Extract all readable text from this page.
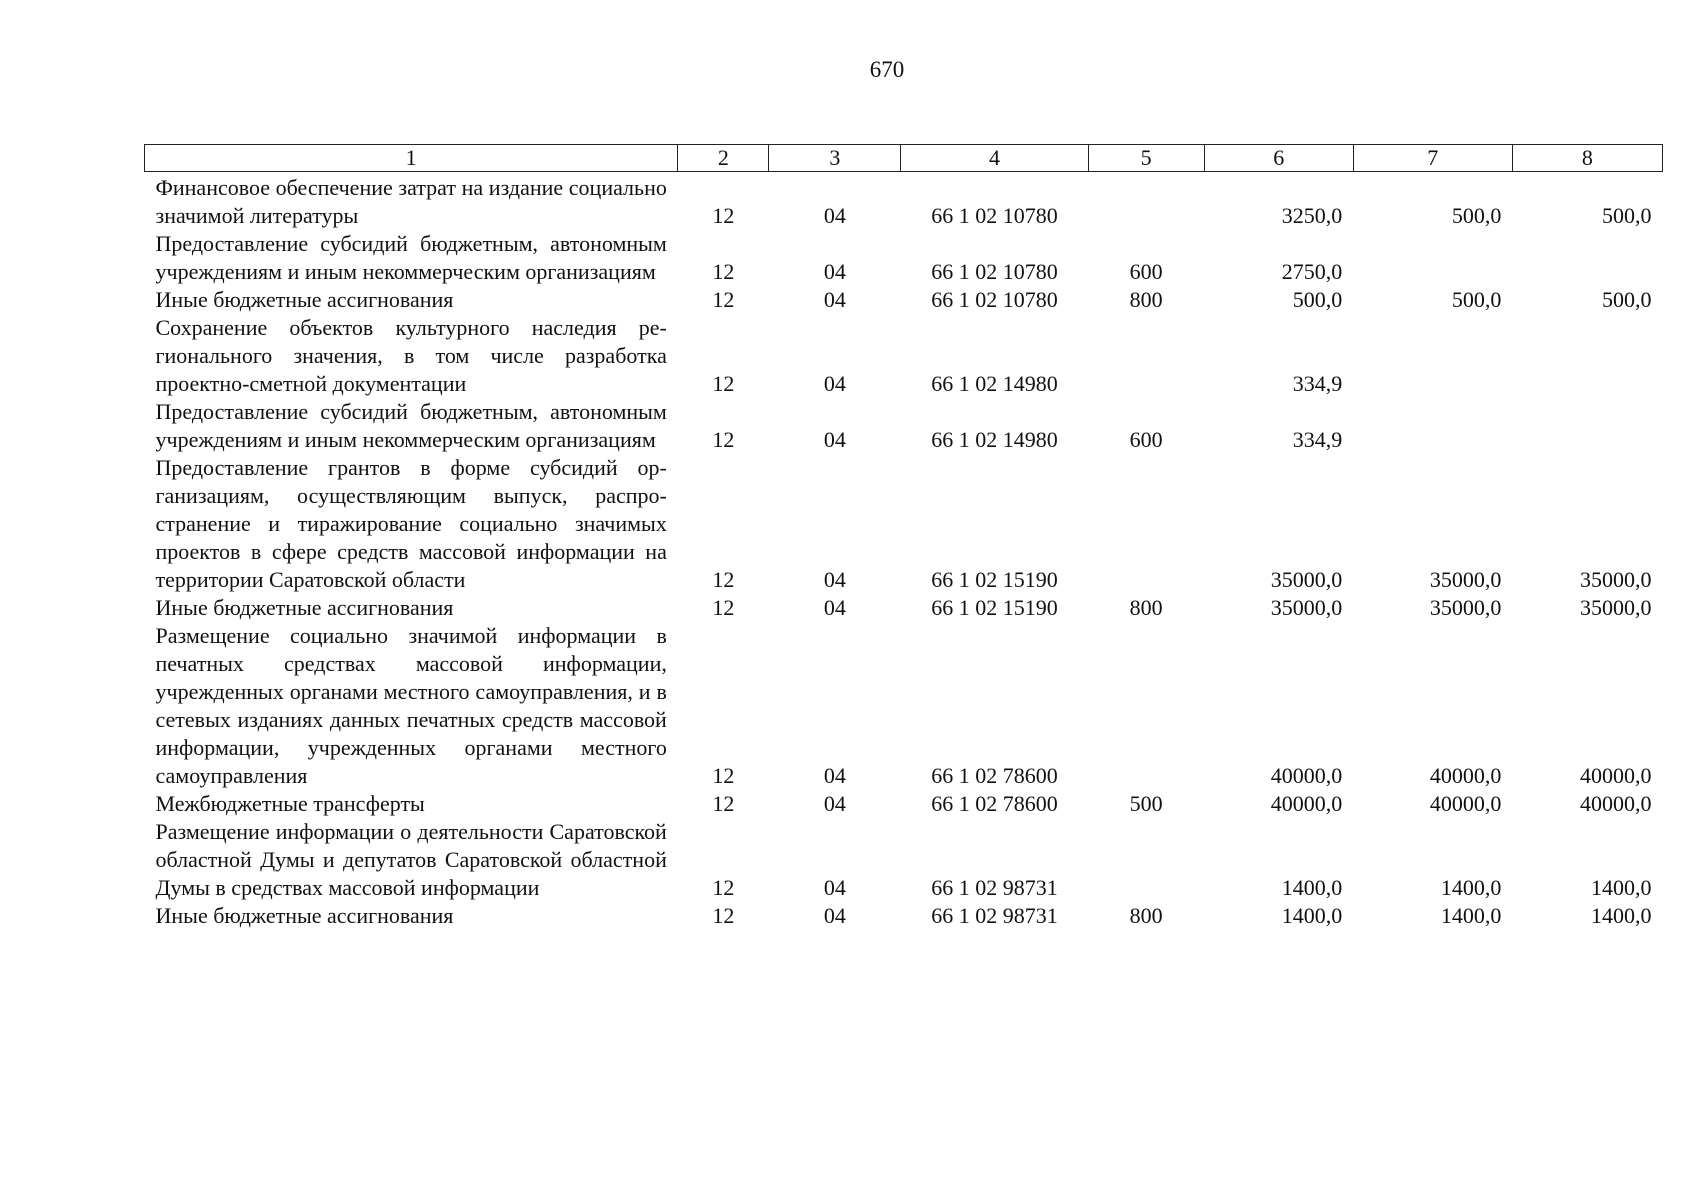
670
1	2	3	4	5	6	7	8
Финансовое обеспечение затрат на издание социально значимой литературы	12	04	66 1 02 10780		3250,0	500,0	500,0
Предоставление субсидий бюджетным, автономным учреждениям и иным некоммерческим организациям	12	04	66 1 02 10780	600	2750,0		
Иные бюджетные ассигнования	12	04	66 1 02 10780	800	500,0	500,0	500,0
Сохранение объектов культурного наследия регионального значения, в том числе разработка проектно-сметной документации	12	04	66 1 02 14980		334,9		
Предоставление субсидий бюджетным, автономным учреждениям и иным некоммерческим организациям	12	04	66 1 02 14980	600	334,9		
Предоставление грантов в форме субсидий организациям, осуществляющим выпуск, распространение и тиражирование социально значимых проектов в сфере средств массовой информации на территории Саратовской области	12	04	66 1 02 15190		35000,0	35000,0	35000,0
Иные бюджетные ассигнования	12	04	66 1 02 15190	800	35000,0	35000,0	35000,0
Размещение социально значимой информации в печатных средствах массовой информации, учрежденных органами местного самоуправления, и в сетевых изданиях данных печатных средств массовой информации, учрежденных органами местного самоуправления	12	04	66 1 02 78600		40000,0	40000,0	40000,0
Межбюджетные трансферты	12	04	66 1 02 78600	500	40000,0	40000,0	40000,0
Размещение информации о деятельности Саратовской областной Думы и депутатов Саратовской областной Думы в средствах массовой информации	12	04	66 1 02 98731		1400,0	1400,0	1400,0
Иные бюджетные ассигнования	12	04	66 1 02 98731	800	1400,0	1400,0	1400,0
